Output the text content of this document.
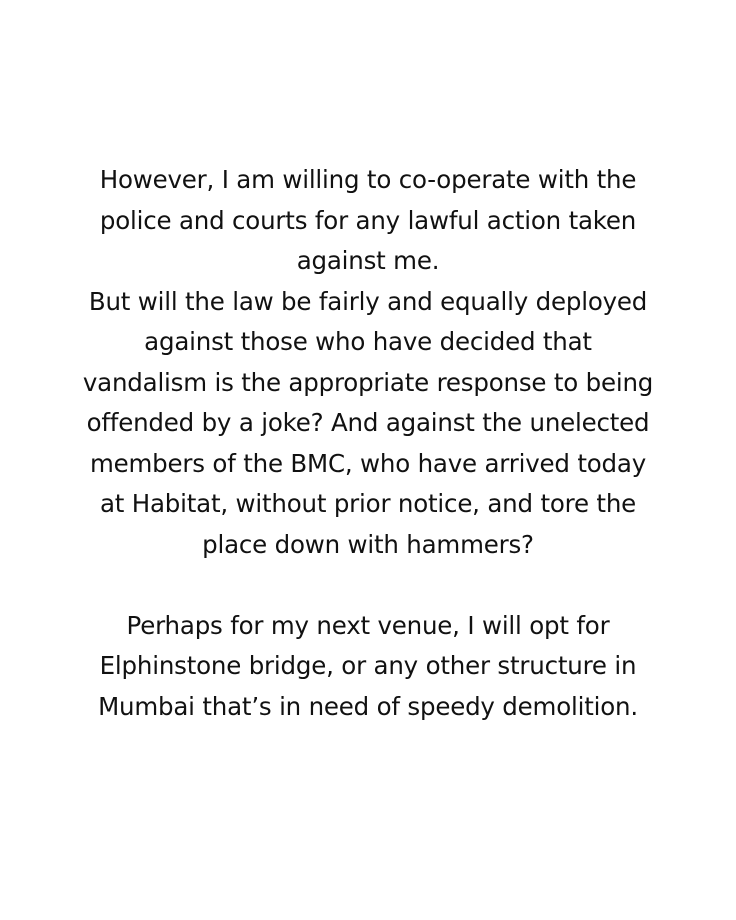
However, I am willing to co-operate with the
police and courts for any lawful action taken
against me.
But will the law be fairly and equally deployed
against those who have decided that
vandalism is the appropriate response to being
offended by a joke? And against the unelected
members of the BMC, who have arrived today
at Habitat, without prior notice, and tore the
place down with hammers?
Perhaps for my next venue, I will opt for
Elphinstone bridge, or any other structure in
Mumbai that’s in need of speedy demolition.
